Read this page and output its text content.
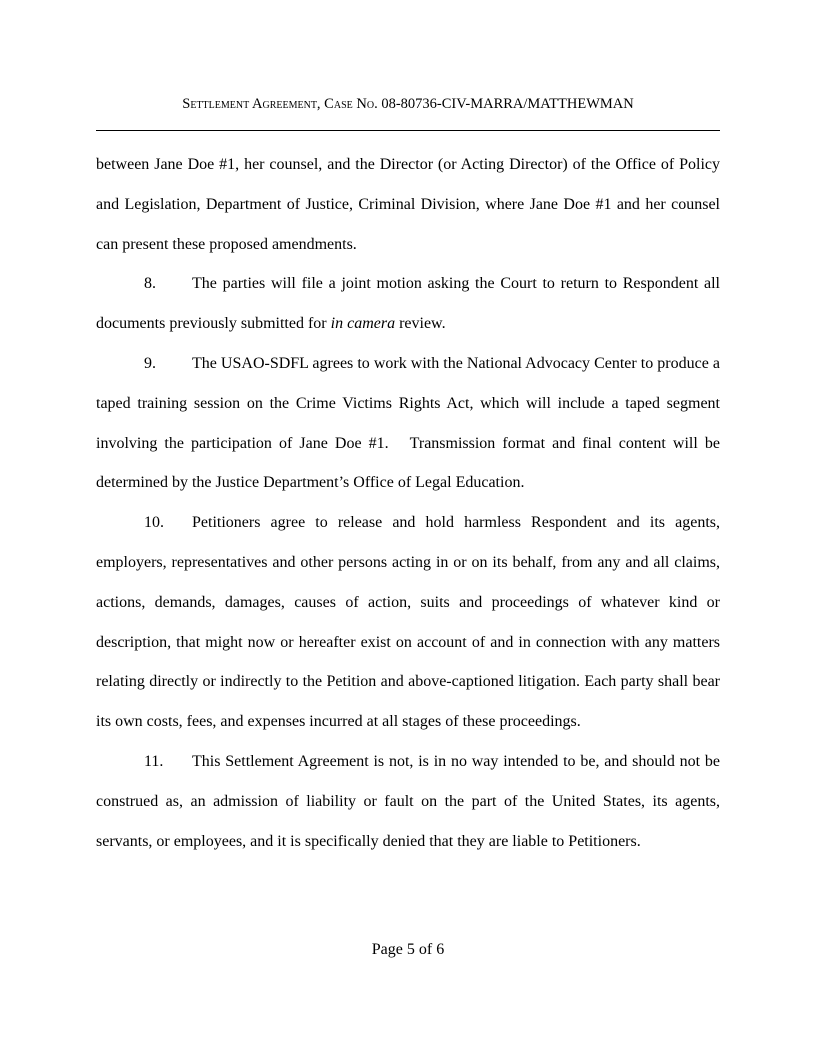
Settlement Agreement, Case No. 08-80736-CIV-MARRA/MATTHEWMAN

between Jane Doe #1, her counsel, and the Director (or Acting Director) of the Office of Policy and Legislation, Department of Justice, Criminal Division, where Jane Doe #1 and her counsel can present these proposed amendments.

8. The parties will file a joint motion asking the Court to return to Respondent all documents previously submitted for in camera review.

9. The USAO-SDFL agrees to work with the National Advocacy Center to produce a taped training session on the Crime Victims Rights Act, which will include a taped segment involving the participation of Jane Doe #1.   Transmission format and final content will be determined by the Justice Department’s Office of Legal Education.

10. Petitioners agree to release and hold harmless Respondent and its agents, employers, representatives and other persons acting in or on its behalf, from any and all claims, actions, demands, damages, causes of action, suits and proceedings of whatever kind or description, that might now or hereafter exist on account of and in connection with any matters relating directly or indirectly to the Petition and above-captioned litigation. Each party shall bear its own costs, fees, and expenses incurred at all stages of these proceedings.

11. This Settlement Agreement is not, is in no way intended to be, and should not be construed as, an admission of liability or fault on the part of the United States, its agents, servants, or employees, and it is specifically denied that they are liable to Petitioners.

Page 5 of 6
